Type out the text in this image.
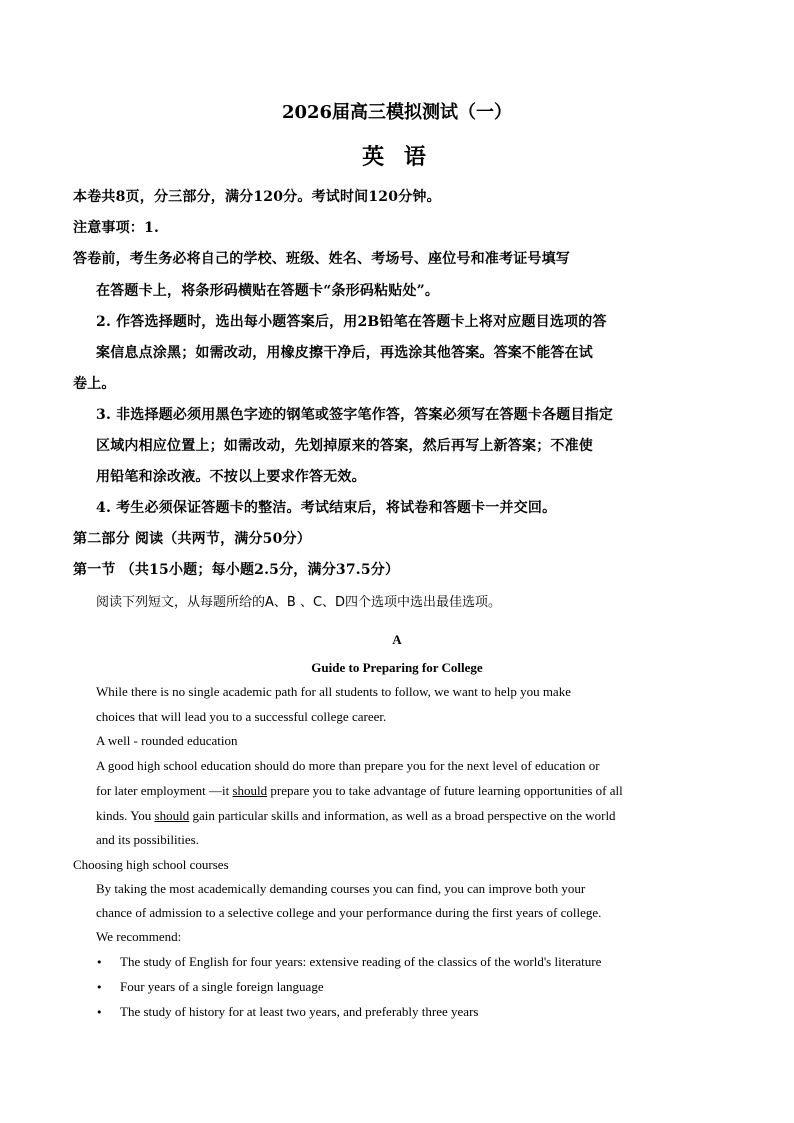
2026届高三模拟测试（一）
英 语
本卷共8页，分三部分，满分120分。考试时间120分钟。
注意事项：1.
答卷前，考生务必将自己的学校、班级、姓名、考场号、座位号和准考证号填写
在答题卡上，将条形码横贴在答题卡“条形码粘贴处”。
2. 作答选择题时，选出每小题答案后，用2B铅笔在答题卡上将对应题目选项的答
案信息点涂黑；如需改动，用橡皮擦干净后，再选涂其他答案。答案不能答在试
卷上。
3. 非选择题必须用黑色字迹的钢笔或签字笔作答，答案必须写在答题卡各题目指定
区域内相应位置上；如需改动，先划掉原来的答案，然后再写上新答案；不准使
用铅笔和涂改液。不按以上要求作答无效。
4. 考生必须保证答题卡的整洁。考试结束后，将试卷和答题卡一并交回。
第二部分 阅读（共两节，满分50分）
第一节 （共15小题；每小题2.5分，满分37.5分）
阅读下列短文，从每题所给的A、B 、C、D四个选项中选出最佳选项。
A
Guide to Preparing for College
While there is no single academic path for all students to follow, we want to help you make
choices that will lead you to a successful college career.
A well - rounded education
A good high school education should do more than prepare you for the next level of education or
for later employment —it should prepare you to take advantage of future learning opportunities of all
kinds. You should gain particular skills and information, as well as a broad perspective on the world
and its possibilities.
Choosing high school courses
By taking the most academically demanding courses you can find, you can improve both your
chance of admission to a selective college and your performance during the first years of college.
We recommend:
• The study of English for four years: extensive reading of the classics of the world's literature
• Four years of a single foreign language
• The study of history for at least two years, and preferably three years
